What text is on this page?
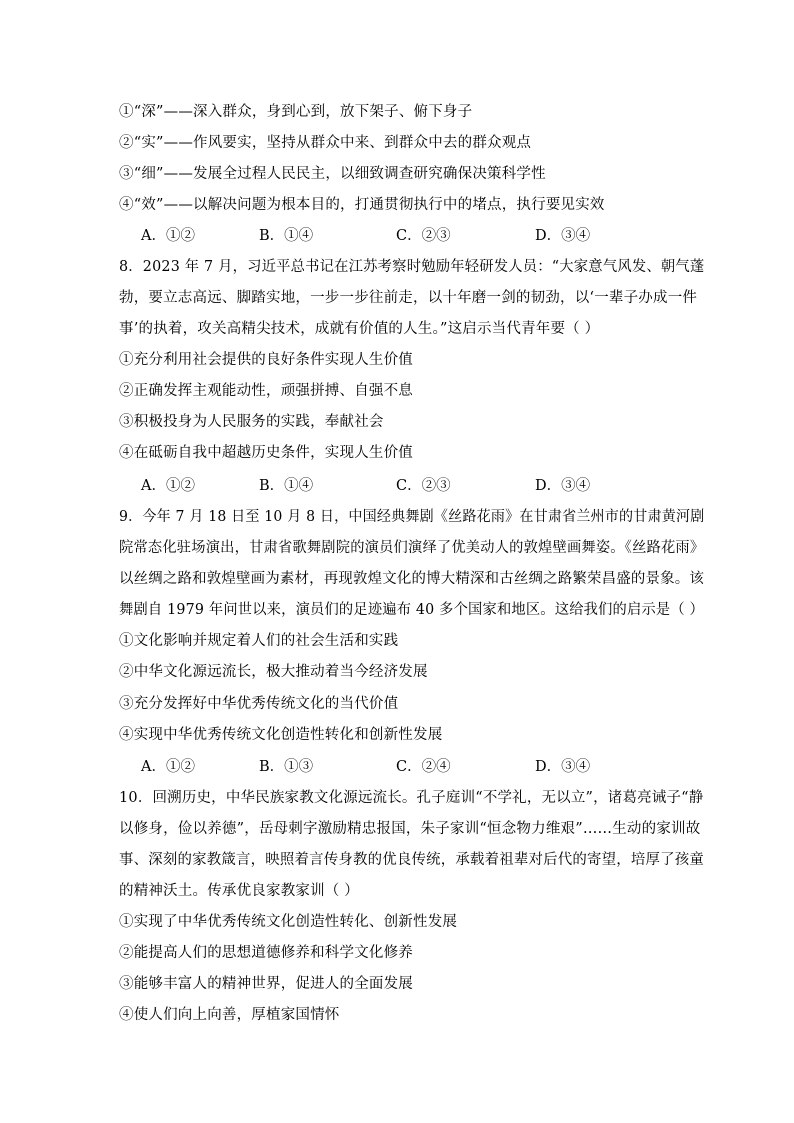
①“深”——深入群众，身到心到，放下架子、俯下身子
②“实”——作风要实，坚持从群众中来、到群众中去的群众观点
③“细”——发展全过程人民民主，以细致调查研究确保决策科学性
④“效”——以解决问题为根本目的，打通贯彻执行中的堵点，执行要见实效
A．①②	B．①④	C．②③	D．③④
8．2023 年 7 月，习近平总书记在江苏考察时勉励年轻研发人员：“大家意气风发、朝气蓬
勃，要立志高远、脚踏实地，一步一步往前走，以十年磨一剑的韧劲，以‘一辈子办成一件
事’的执着，攻关高精尖技术，成就有价值的人生。”这启示当代青年要（ ）
①充分利用社会提供的良好条件实现人生价值
②正确发挥主观能动性，顽强拼搏、自强不息
③积极投身为人民服务的实践，奉献社会
④在砥砺自我中超越历史条件，实现人生价值
A．①②	B．①④	C．②③	D．③④
9．今年 7 月 18 日至 10 月 8 日，中国经典舞剧《丝路花雨》在甘肃省兰州市的甘肃黄河剧
院常态化驻场演出，甘肃省歌舞剧院的演员们演绎了优美动人的敦煌壁画舞姿。《丝路花雨》
以丝绸之路和敦煌壁画为素材，再现敦煌文化的博大精深和古丝绸之路繁荣昌盛的景象。该
舞剧自 1979 年问世以来，演员们的足迹遍布 40 多个国家和地区。这给我们的启示是（ ）
①文化影响并规定着人们的社会生活和实践
②中华文化源远流长，极大推动着当今经济发展
③充分发挥好中华优秀传统文化的当代价值
④实现中华优秀传统文化创造性转化和创新性发展
A．①②	B．①③	C．②④	D．③④
10．回溯历史，中华民族家教文化源远流长。孔子庭训“不学礼，无以立”，诸葛亮诫子“静
以修身，俭以养德”，岳母刺字激励精忠报国，朱子家训“恒念物力维艰”……生动的家训故
事、深刻的家教箴言，映照着言传身教的优良传统，承载着祖辈对后代的寄望，培厚了孩童
的精神沃土。传承优良家教家训（ ）
①实现了中华优秀传统文化创造性转化、创新性发展
②能提高人们的思想道德修养和科学文化修养
③能够丰富人的精神世界，促进人的全面发展
④使人们向上向善，厚植家国情怀
